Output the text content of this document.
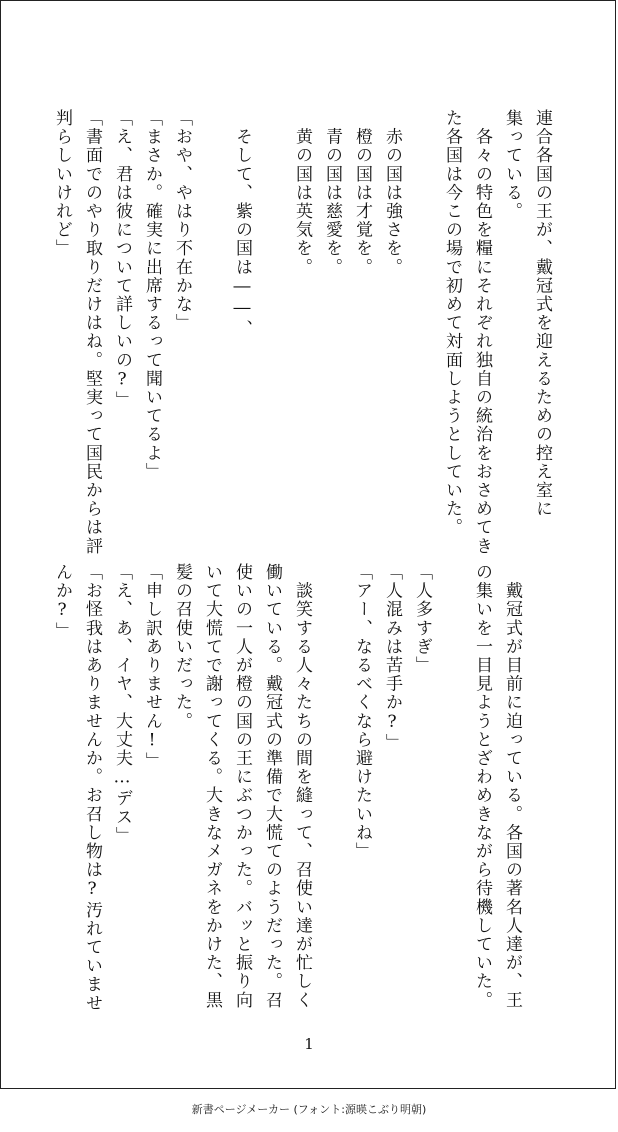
連合各国の王が、戴冠式を迎えるための控え室に
集っている。
　各々の特色を糧にそれぞれ独自の統治をおさめてき
た各国は今この場で初めて対面しようとしていた。

　赤の国は強さを。
　橙の国は才覚を。
　青の国は慈愛を。
　黄の国は英気を。

　そして、紫の国は――、

「おや、やはり不在かな」
「まさか。確実に出席するって聞いてるよ」
「え、君は彼について詳しいの?」
「書面でのやり取りだけはね。堅実って国民からは評
判らしいけれど」
　戴冠式が目前に迫っている。各国の著名人達が、王
の集いを一目見ようとざわめきながら待機していた。

「人多すぎ」
「人混みは苦手か?」
「アー、なるべくなら避けたいね」

　談笑する人々たちの間を縫って、召使い達が忙しく
働いている。戴冠式の準備で大慌てのようだった。召
使いの一人が橙の国の王にぶつかった。バッと振り向
いて大慌てで謝ってくる。大きなメガネをかけた、黒
髪の召使いだった。
「申し訳ありません!」
「え、あ、イヤ、大丈夫…デス」
「お怪我はありませんか。お召し物は?汚れていませ
んか?」
1
新書ページメーカー (フォント:源暎こぶり明朝)
